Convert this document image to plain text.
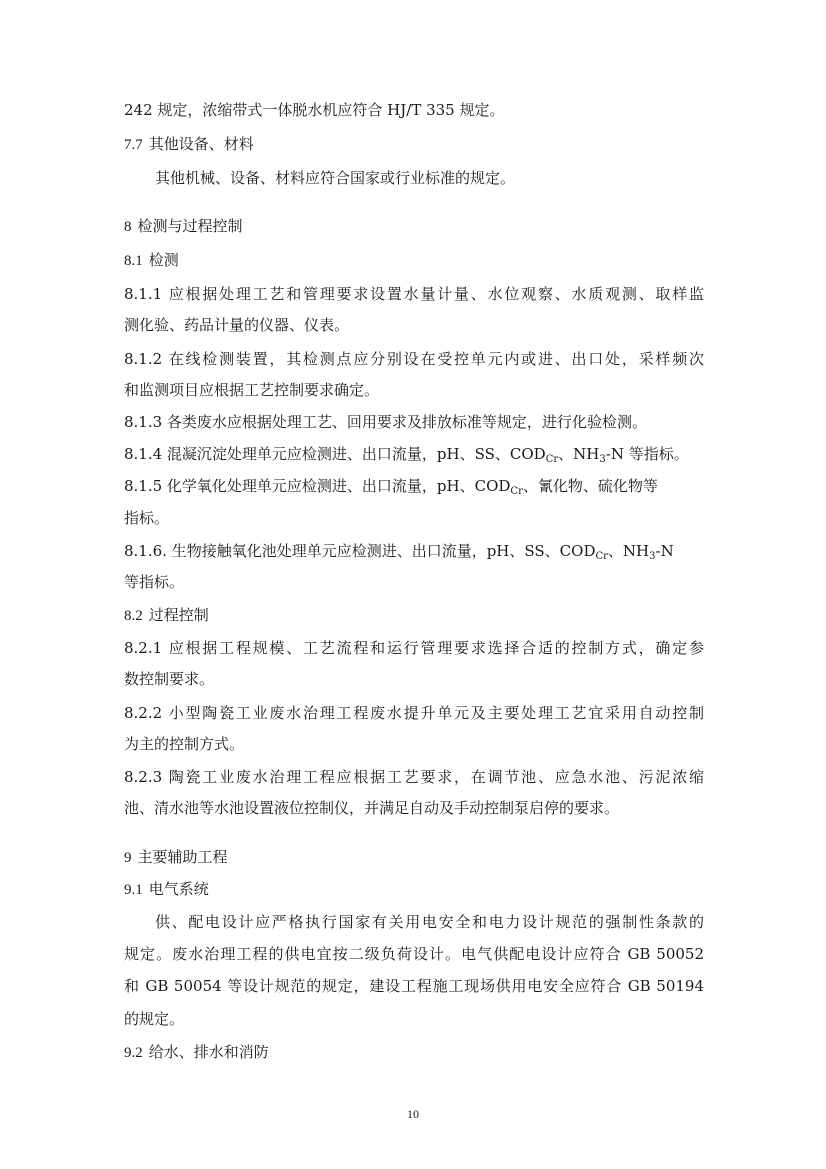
242 规定，浓缩带式一体脱水机应符合 HJ/T 335 规定。
7.7 其他设备、材料
其他机械、设备、材料应符合国家或行业标准的规定。
8 检测与过程控制
8.1 检测
8.1.1 应根据处理工艺和管理要求设置水量计量、水位观察、水质观测、取样监
测化验、药品计量的仪器、仪表。
8.1.2 在线检测装置，其检测点应分别设在受控单元内或进、出口处，采样频次
和监测项目应根据工艺控制要求确定。
8.1.3 各类废水应根据处理工艺、回用要求及排放标准等规定，进行化验检测。
8.1.4 混凝沉淀处理单元应检测进、出口流量，pH、SS、$COD_{Cr}$、$NH_3-N$ 等指标。
8.1.5 化学氧化处理单元应检测进、出口流量，pH、$COD_{Cr}$、氰化物、硫化物等
指标。
8.1.6. 生物接触氧化池处理单元应检测进、出口流量，pH、SS、$COD_{Cr}$、$NH_3-N$
等指标。
8.2 过程控制
8.2.1 应根据工程规模、工艺流程和运行管理要求选择合适的控制方式，确定参
数控制要求。
8.2.2 小型陶瓷工业废水治理工程废水提升单元及主要处理工艺宜采用自动控制
为主的控制方式。
8.2.3 陶瓷工业废水治理工程应根据工艺要求，在调节池、应急水池、污泥浓缩
池、清水池等水池设置液位控制仪，并满足自动及手动控制泵启停的要求。
9 主要辅助工程
9.1 电气系统
供、配电设计应严格执行国家有关用电安全和电力设计规范的强制性条款的
规定。废水治理工程的供电宜按二级负荷设计。电气供配电设计应符合 GB 50052
和 GB 50054 等设计规范的规定，建设工程施工现场供用电安全应符合 GB 50194
的规定。
9.2 给水、排水和消防
10
